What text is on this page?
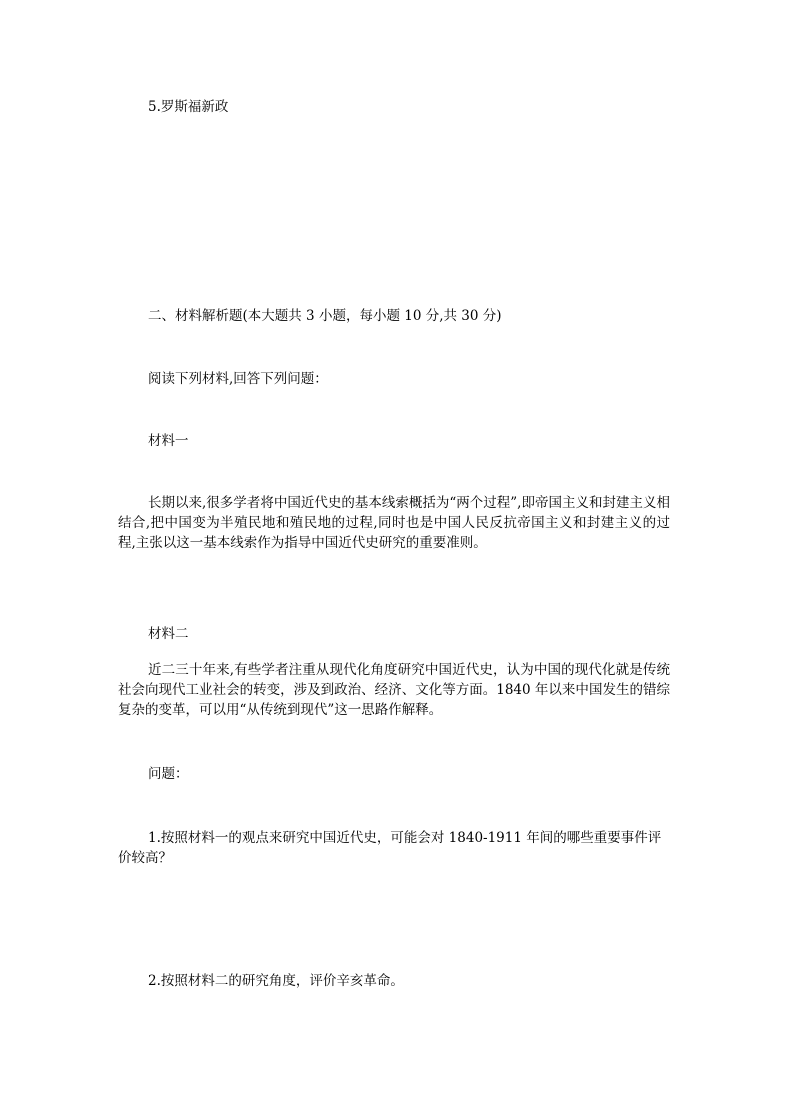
5.罗斯福新政
二、材料解析题(本大题共 3 小题，每小题 10 分,共 30 分)
阅读下列材料,回答下列问题：
材料一
长期以来,很多学者将中国近代史的基本线索概括为“两个过程”,即帝国主义和封建主义相结合,把中国变为半殖民地和殖民地的过程,同时也是中国人民反抗帝国主义和封建主义的过程,主张以这一基本线索作为指导中国近代史研究的重要准则。
材料二
近二三十年来,有些学者注重从现代化角度研究中国近代史，认为中国的现代化就是传统社会向现代工业社会的转变，涉及到政治、经济、文化等方面。1840 年以来中国发生的错综复杂的变革，可以用“从传统到现代”这一思路作解释。
问题：
1.按照材料一的观点来研究中国近代史，可能会对 1840-1911 年间的哪些重要事件评价较高？
2.按照材料二的研究角度，评价辛亥革命。
